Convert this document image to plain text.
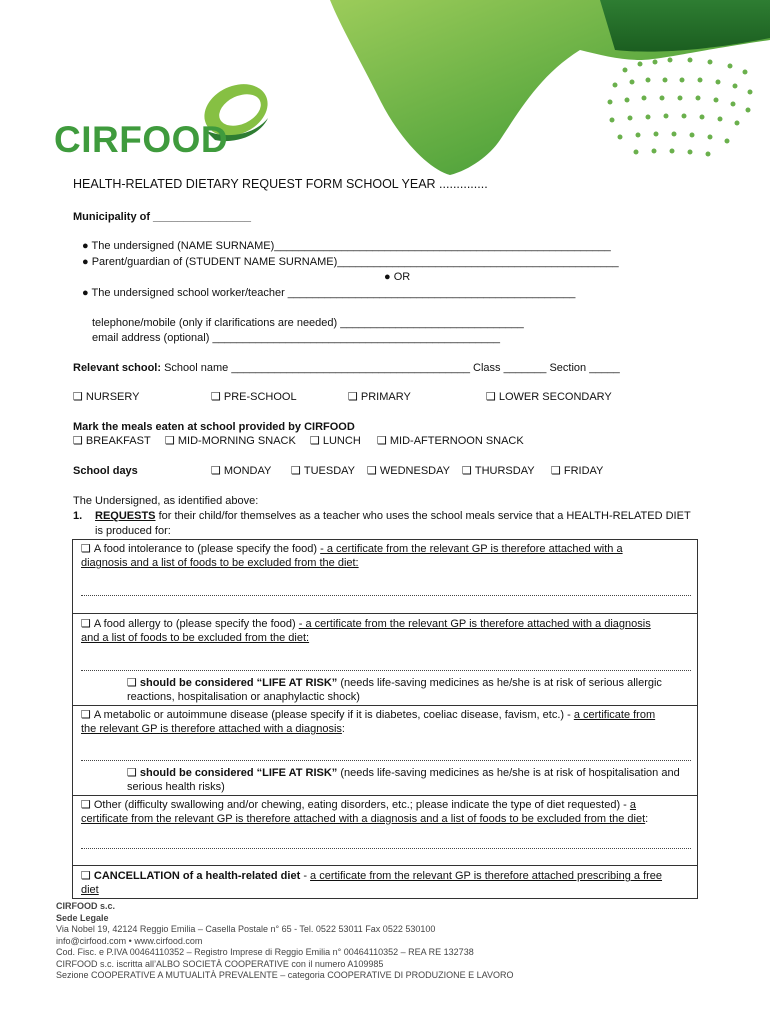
CIRFOOD
HEALTH-RELATED DIETARY REQUEST FORM SCHOOL YEAR ..............
Municipality of ________________
● The undersigned (NAME SURNAME)_______________________________________________________
● Parent/guardian of (STUDENT NAME SURNAME)______________________________________________
● OR
● The undersigned school worker/teacher _______________________________________________
telephone/mobile (only if clarifications are needed) ______________________________
email address (optional) _______________________________________________
Relevant school: School name _______________________________________ Class _______ Section _____
❑ NURSERY	❑ PRE-SCHOOL	❑ PRIMARY	❑ LOWER SECONDARY
Mark the meals eaten at school provided by CIRFOOD
❑ BREAKFAST ❑ MID-MORNING SNACK ❑ LUNCH ❑ MID-AFTERNOON SNACK
School days	❑ MONDAY ❑ TUESDAY ❑ WEDNESDAY ❑ THURSDAY ❑ FRIDAY
The Undersigned, as identified above:
1. REQUESTS for their child/for themselves as a teacher who uses the school meals service that a HEALTH-RELATED DIET
is produced for:
❑ A food intolerance to (please specify the food) - a certificate from the relevant GP is therefore attached with a
diagnosis and a list of foods to be excluded from the diet:
❑ A food allergy to (please specify the food) - a certificate from the relevant GP is therefore attached with a diagnosis
and a list of foods to be excluded from the diet:
❑ should be considered “LIFE AT RISK” (needs life-saving medicines as he/she is at risk of serious allergic
reactions, hospitalisation or anaphylactic shock)
❑ A metabolic or autoimmune disease (please specify if it is diabetes, coeliac disease, favism, etc.) - a certificate from
the relevant GP is therefore attached with a diagnosis:
❑ should be considered “LIFE AT RISK” (needs life-saving medicines as he/she is at risk of hospitalisation and
serious health risks)
❑ Other (difficulty swallowing and/or chewing, eating disorders, etc.; please indicate the type of diet requested) - a
certificate from the relevant GP is therefore attached with a diagnosis and a list of foods to be excluded from the diet:
❑ CANCELLATION of a health-related diet - a certificate from the relevant GP is therefore attached prescribing a free
diet
CIRFOOD s.c.
Sede Legale
Via Nobel 19, 42124 Reggio Emilia – Casella Postale n° 65 - Tel. 0522 53011 Fax 0522 530100
info@cirfood.com • www.cirfood.com
Cod. Fisc. e P.IVA 00464110352 – Registro Imprese di Reggio Emilia n° 00464110352 – REA RE 132738
CIRFOOD s.c. iscritta all’ALBO SOCIETÀ COOPERATIVE con il numero A109985
Sezione COOPERATIVE A MUTUALITÀ PREVALENTE – categoria COOPERATIVE DI PRODUZIONE E LAVORO
